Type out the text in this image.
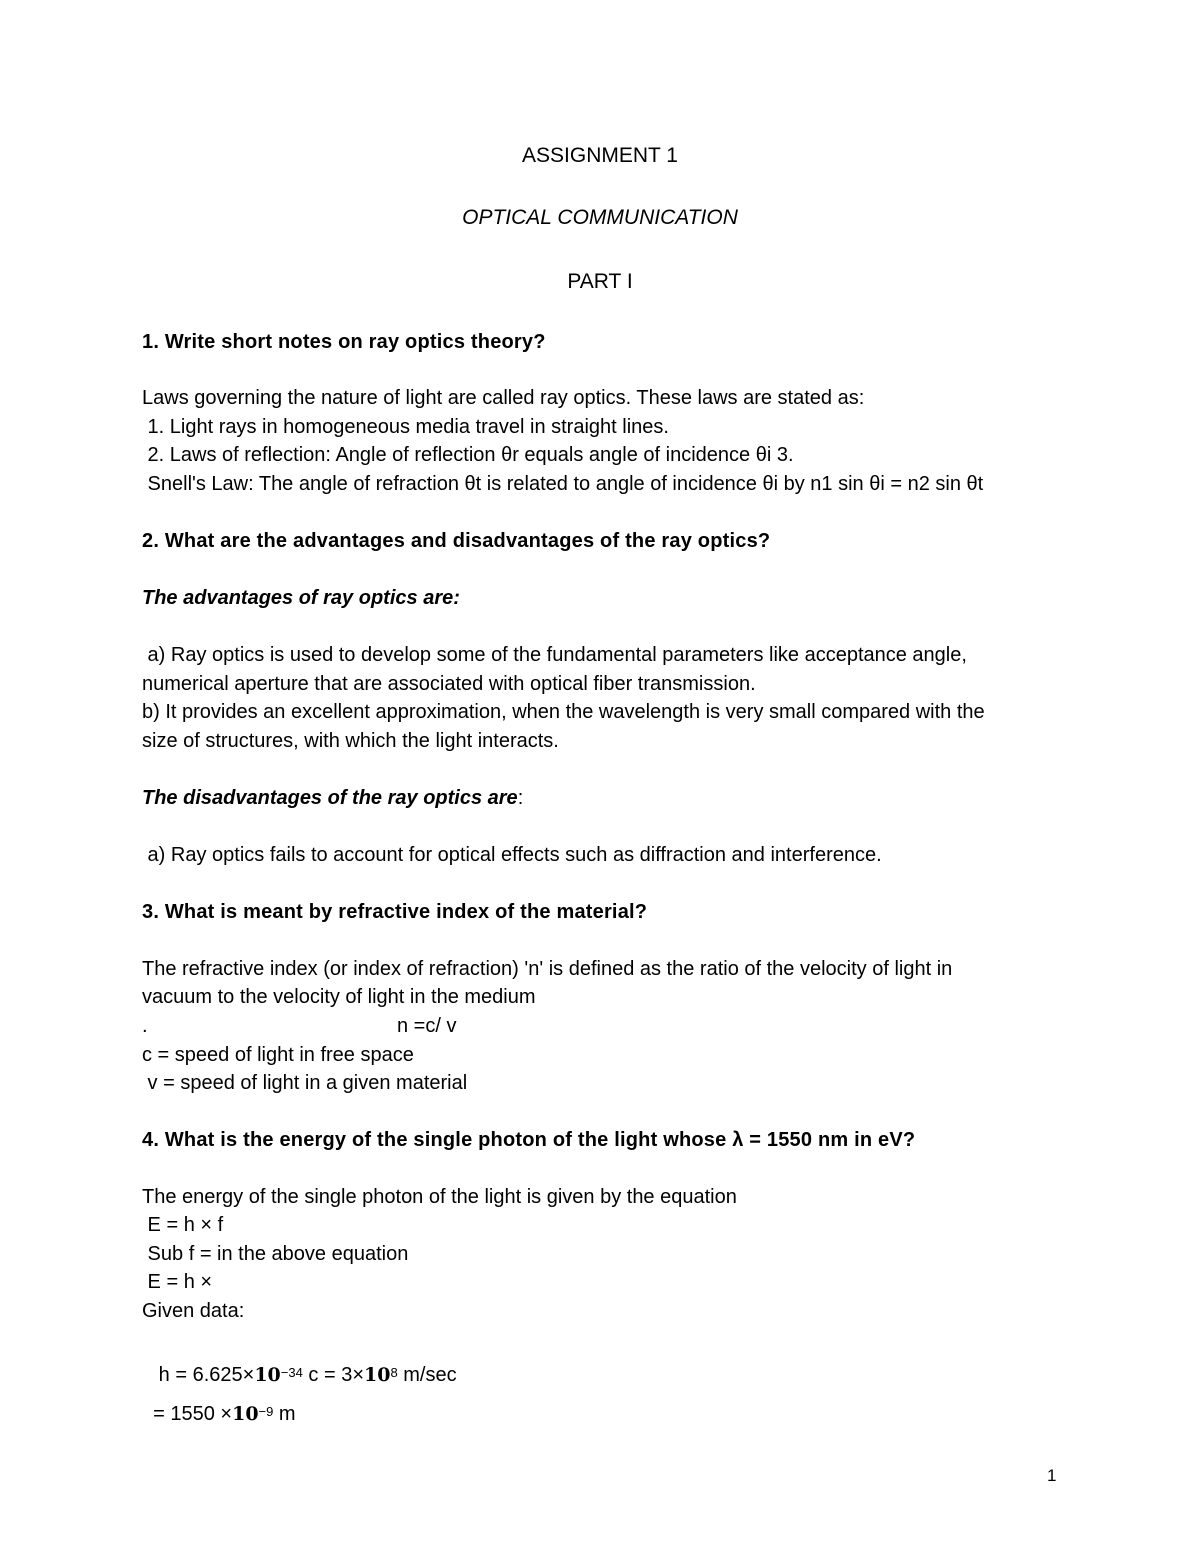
ASSIGNMENT 1
OPTICAL COMMUNICATION
PART I
1. Write short notes on ray optics theory?
Laws governing the nature of light are called ray optics. These laws are stated as:
1. Light rays in homogeneous media travel in straight lines.
2. Laws of reflection: Angle of reflection θr equals angle of incidence θi 3.
Snell's Law: The angle of refraction θt is related to angle of incidence θi by n1 sin θi = n2 sin θt
2. What are the advantages and disadvantages of the ray optics?
The advantages of ray optics are:
a) Ray optics is used to develop some of the fundamental parameters like acceptance angle,
numerical aperture that are associated with optical fiber transmission.
b) It provides an excellent approximation, when the wavelength is very small compared with the
size of structures, with which the light interacts.
The disadvantages of the ray optics are:
a) Ray optics fails to account for optical effects such as diffraction and interference.
3. What is meant by refractive index of the material?
The refractive index (or index of refraction) 'n' is defined as the ratio of the velocity of light in
vacuum to the velocity of light in the medium
.	n =c/ v
c = speed of light in free space
v = speed of light in a given material
4. What is the energy of the single photon of the light whose λ = 1550 nm in eV?
The energy of the single photon of the light is given by the equation
E = h × f
Sub f = in the above equation
E = h ×
Given data:

$h = 6.625\times 10^{-34}$ $c = 3\times 10^8$ m/sec

= $1550 \times 10^{-9}$ m

1
